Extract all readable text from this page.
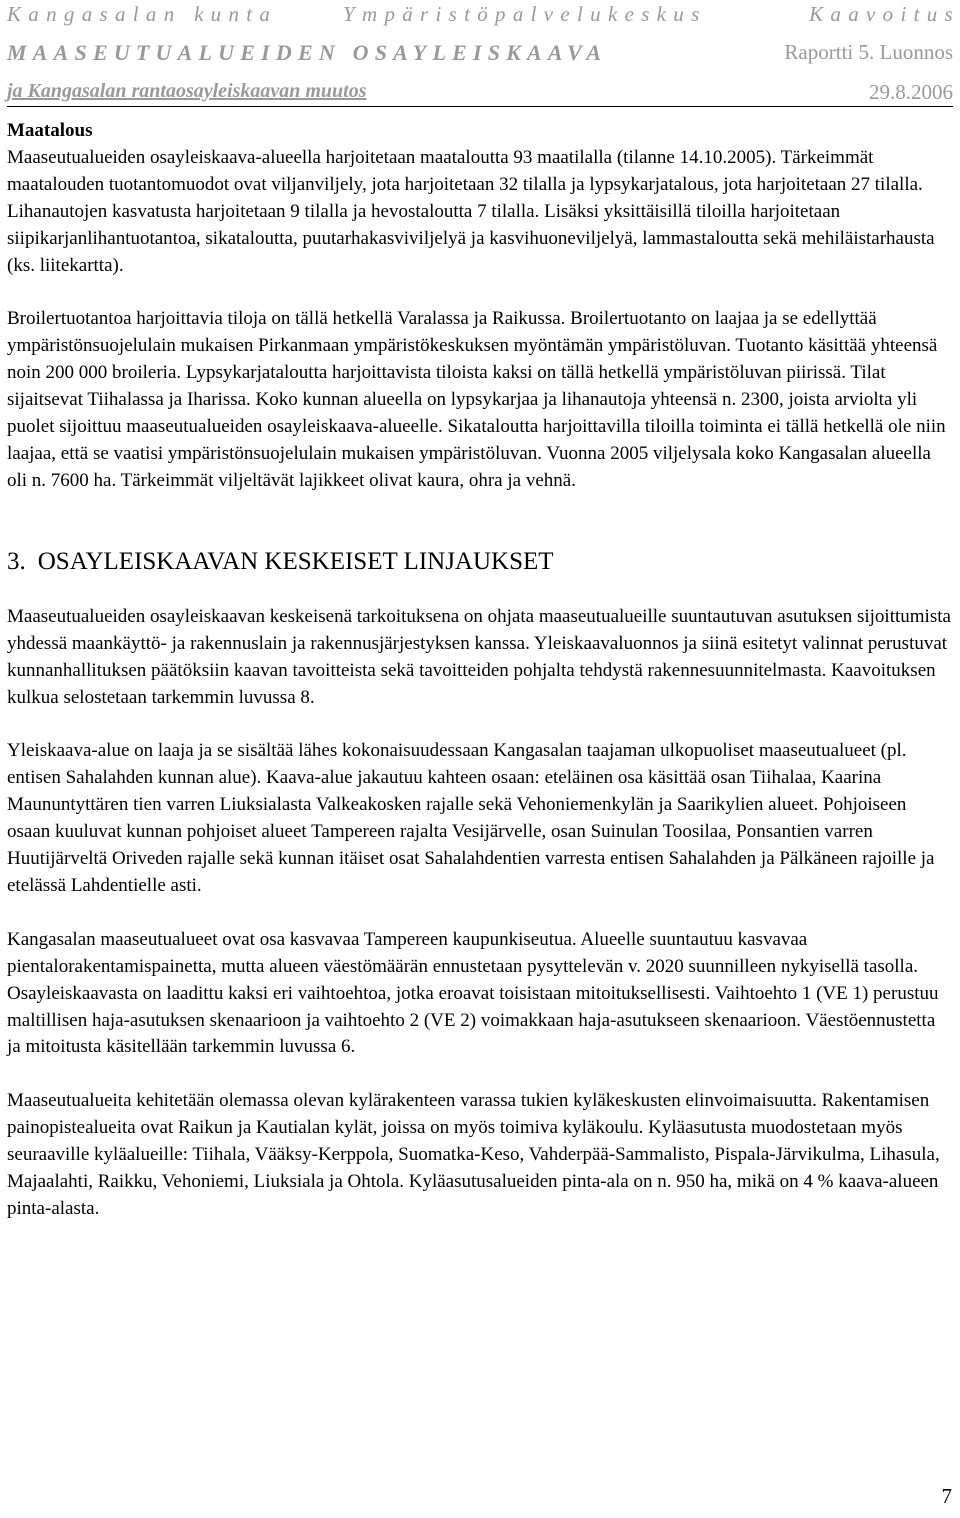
Kangasalan kunta	Ympäristöpalvelukeskus	Kaavoitus
MAASEUTUALUEIDEN OSAYLEISKAAVA	Raportti 5. Luonnos
ja Kangasalan rantaosayleiskaavan muutos	29.8.2006
Maatalous

Maaseutualueiden osayleiskaava-alueella harjoitetaan maataloutta 93 maatilalla (tilanne 14.10.2005). Tärkeimmät maatalouden tuotantomuodot ovat viljanviljely, jota harjoitetaan 32 tilalla ja lypsykarjatalous, jota harjoitetaan 27 tilalla. Lihanautojen kasvatusta harjoitetaan 9 tilalla ja hevostaloutta 7 tilalla. Lisäksi yksittäisillä tiloilla harjoitetaan siipikarjanlihantuotantoa, sikataloutta, puutarhakasviviljelyä ja kasvihuoneviljelyä, lammastaloutta sekä mehiläistarhausta (ks. liitekartta).

Broilertuotantoa harjoittavia tiloja on tällä hetkellä Varalassa ja Raikussa. Broilertuotanto on laajaa ja se edellyttää ympäristönsuojelulain mukaisen Pirkanmaan ympäristökeskuksen myöntämän ympäristöluvan. Tuotanto käsittää yhteensä noin 200 000 broileria. Lypsykarjataloutta harjoittavista tiloista kaksi on tällä hetkellä ympäristöluvan piirissä. Tilat sijaitsevat Tiihalassa ja Iharissa. Koko kunnan alueella on lypsykarjaa ja lihanautoja yhteensä n. 2300, joista arviolta yli puolet sijoittuu maaseutualueiden osayleiskaava-alueelle. Sikataloutta harjoittavilla tiloilla toiminta ei tällä hetkellä ole niin laajaa, että se vaatisi ympäristönsuojelulain mukaisen ympäristöluvan. Vuonna 2005 viljelysala koko Kangasalan alueella oli n. 7600 ha. Tärkeimmät viljeltävät lajikkeet olivat kaura, ohra ja vehnä.

3. OSAYLEISKAAVAN KESKEISET LINJAUKSET

Maaseutualueiden osayleiskaavan keskeisenä tarkoituksena on ohjata maaseutualueille suuntautuvan asutuksen sijoittumista yhdessä maankäyttö- ja rakennuslain ja rakennusjärjestyksen kanssa. Yleiskaavaluonnos ja siinä esitetyt valinnat perustuvat kunnanhallituksen päätöksiin kaavan tavoitteista sekä tavoitteiden pohjalta tehdystä rakennesuunnitelmasta. Kaavoituksen kulkua selostetaan tarkemmin luvussa 8.

Yleiskaava-alue on laaja ja se sisältää lähes kokonaisuudessaan Kangasalan taajaman ulkopuoliset maaseutualueet (pl. entisen Sahalahden kunnan alue). Kaava-alue jakautuu kahteen osaan: eteläinen osa käsittää osan Tiihalaa, Kaarina Maununtyttären tien varren Liuksialasta Valkeakosken rajalle sekä Vehoniemenkylän ja Saarikylien alueet. Pohjoiseen osaan kuuluvat kunnan pohjoiset alueet Tampereen rajalta Vesijärvelle, osan Suinulan Toosilaa, Ponsantien varren Huutijärveltä Oriveden rajalle sekä kunnan itäiset osat Sahalahdentien varresta entisen Sahalahden ja Pälkäneen rajoille ja etelässä Lahdentielle asti.

Kangasalan maaseutualueet ovat osa kasvavaa Tampereen kaupunkiseutua. Alueelle suuntautuu kasvavaa pientalorakentamispainetta, mutta alueen väestömäärän ennustetaan pysyttelevän v. 2020 suunnilleen nykyisellä tasolla. Osayleiskaavasta on laadittu kaksi eri vaihtoehtoa, jotka eroavat toisistaan mitoituksellisesti. Vaihtoehto 1 (VE 1) perustuu maltillisen haja-asutuksen skenaarioon ja vaihtoehto 2 (VE 2) voimakkaan haja-asutukseen skenaarioon. Väestöennustetta ja mitoitusta käsitellään tarkemmin luvussa 6.

Maaseutualueita kehitetään olemassa olevan kylärakenteen varassa tukien kyläkeskusten elinvoimaisuutta. Rakentamisen painopistealueita ovat Raikun ja Kautialan kylät, joissa on myös toimiva kyläkoulu. Kyläasutusta muodostetaan myös seuraaville kyläalueille: Tiihala, Vääksy-Kerppola, Suomatka-Keso, Vahderpää-Sammalisto, Pispala-Järvikulma, Lihasula, Majaalahti, Raikku, Vehoniemi, Liuksiala ja Ohtola. Kyläasutusalueiden pinta-ala on n. 950 ha, mikä on 4 % kaava-alueen pinta-alasta.

7
